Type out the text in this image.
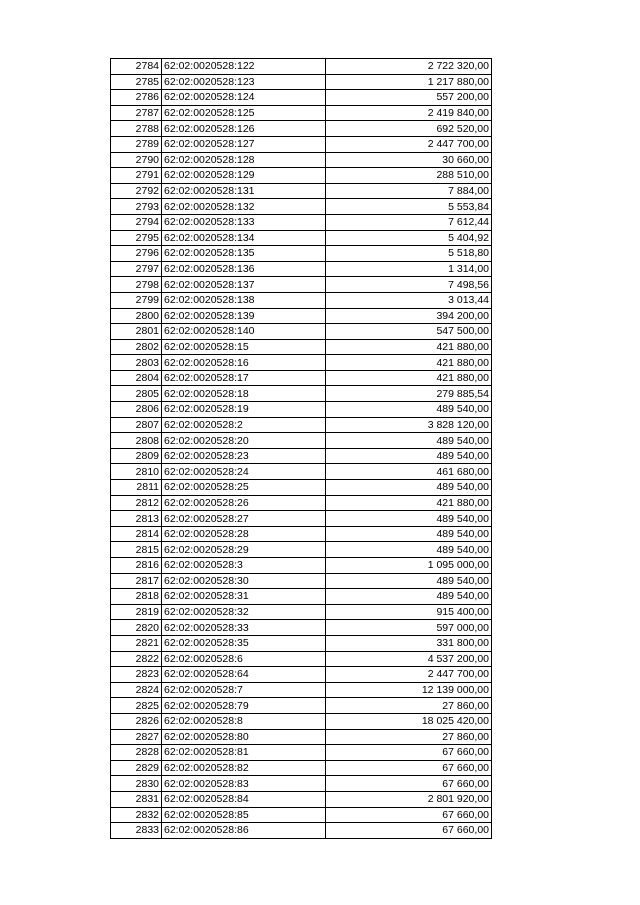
2784	62:02:0020528:122	2 722 320,00
2785	62:02:0020528:123	1 217 880,00
2786	62:02:0020528:124	557 200,00
2787	62:02:0020528:125	2 419 840,00
2788	62:02:0020528:126	692 520,00
2789	62:02:0020528:127	2 447 700,00
2790	62:02:0020528:128	30 660,00
2791	62:02:0020528:129	288 510,00
2792	62:02:0020528:131	7 884,00
2793	62:02:0020528:132	5 553,84
2794	62:02:0020528:133	7 612,44
2795	62:02:0020528:134	5 404,92
2796	62:02:0020528:135	5 518,80
2797	62:02:0020528:136	1 314,00
2798	62:02:0020528:137	7 498,56
2799	62:02:0020528:138	3 013,44
2800	62:02:0020528:139	394 200,00
2801	62:02:0020528:140	547 500,00
2802	62:02:0020528:15	421 880,00
2803	62:02:0020528:16	421 880,00
2804	62:02:0020528:17	421 880,00
2805	62:02:0020528:18	279 885,54
2806	62:02:0020528:19	489 540,00
2807	62:02:0020528:2	3 828 120,00
2808	62:02:0020528:20	489 540,00
2809	62:02:0020528:23	489 540,00
2810	62:02:0020528:24	461 680,00
2811	62:02:0020528:25	489 540,00
2812	62:02:0020528:26	421 880,00
2813	62:02:0020528:27	489 540,00
2814	62:02:0020528:28	489 540,00
2815	62:02:0020528:29	489 540,00
2816	62:02:0020528:3	1 095 000,00
2817	62:02:0020528:30	489 540,00
2818	62:02:0020528:31	489 540,00
2819	62:02:0020528:32	915 400,00
2820	62:02:0020528:33	597 000,00
2821	62:02:0020528:35	331 800,00
2822	62:02:0020528:6	4 537 200,00
2823	62:02:0020528:64	2 447 700,00
2824	62:02:0020528:7	12 139 000,00
2825	62:02:0020528:79	27 860,00
2826	62:02:0020528:8	18 025 420,00
2827	62:02:0020528:80	27 860,00
2828	62:02:0020528:81	67 660,00
2829	62:02:0020528:82	67 660,00
2830	62:02:0020528:83	67 660,00
2831	62:02:0020528:84	2 801 920,00
2832	62:02:0020528:85	67 660,00
2833	62:02:0020528:86	67 660,00
